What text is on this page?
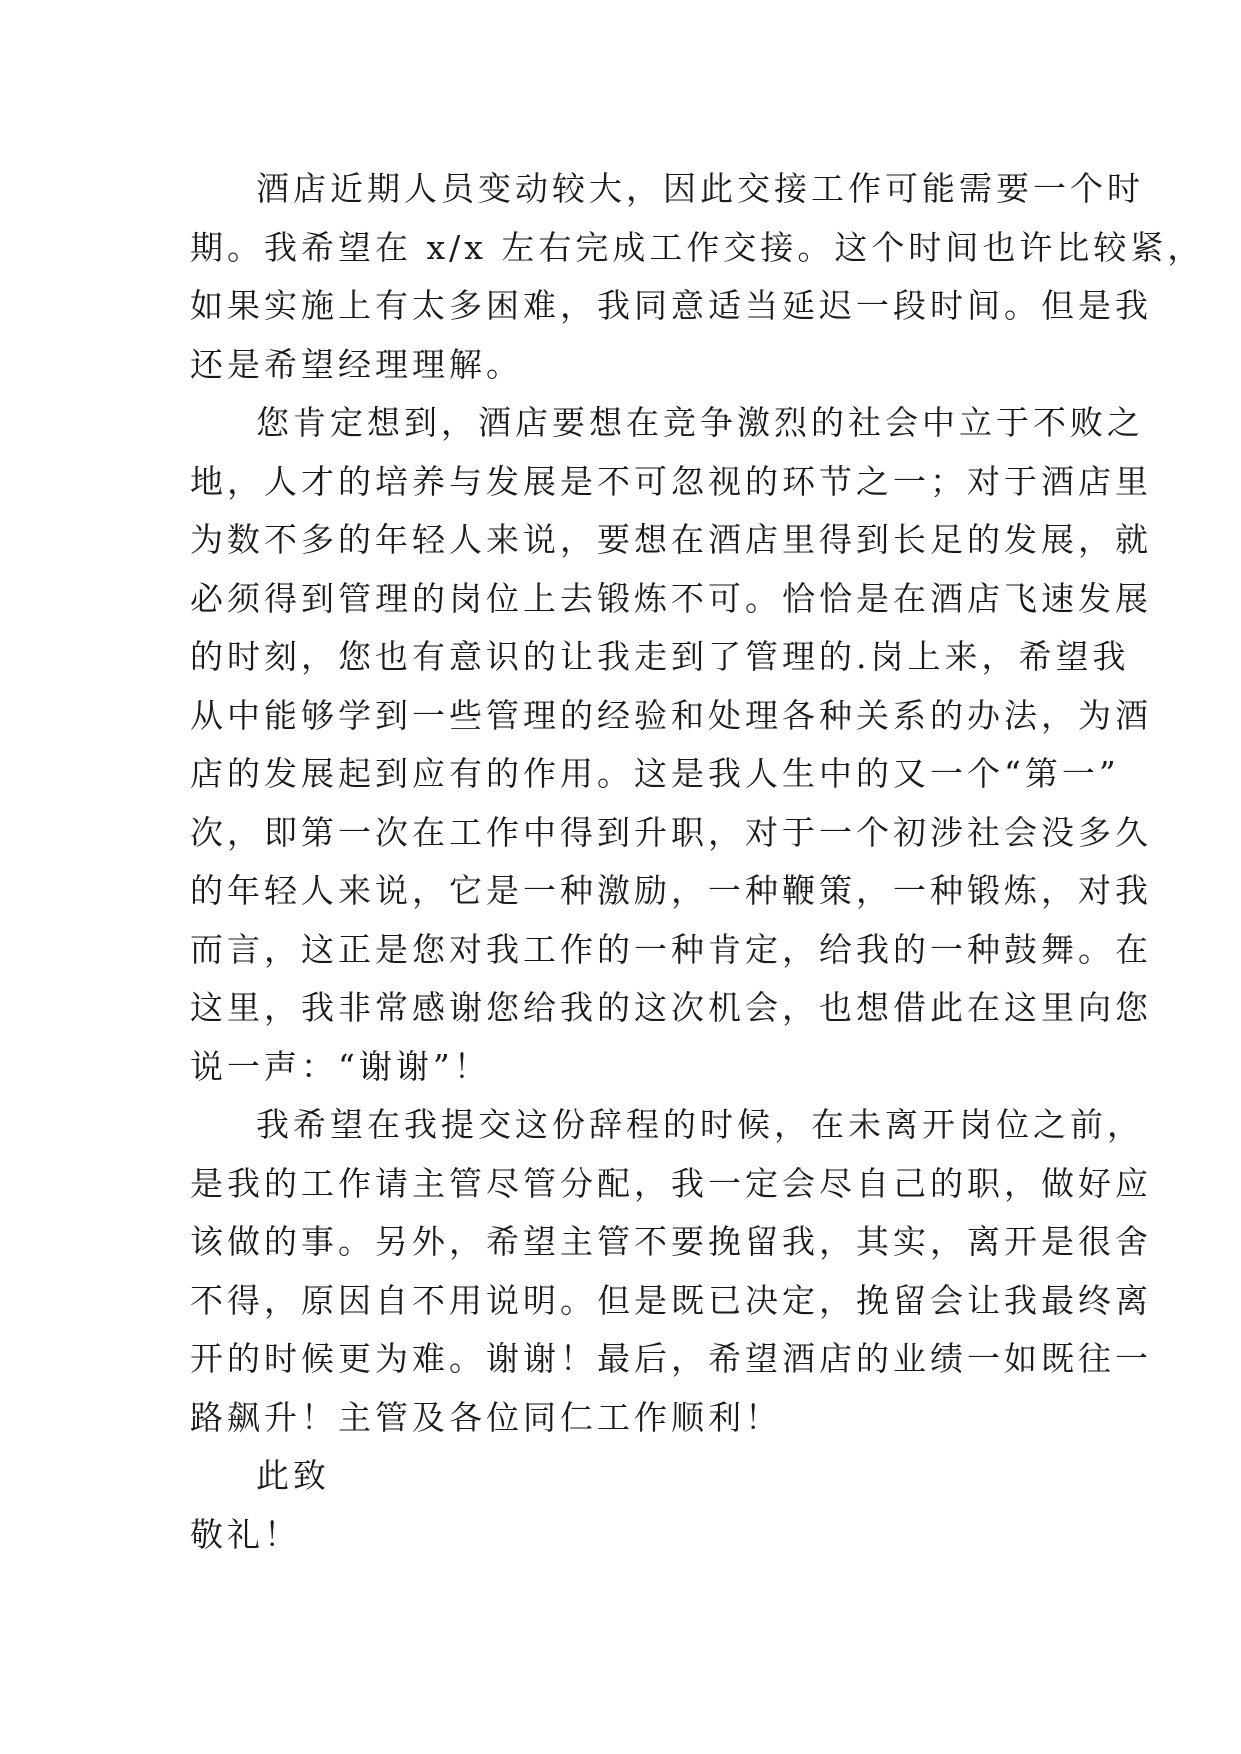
酒店近期人员变动较大，因此交接工作可能需要一个时
期。我希望在 x/x 左右完成工作交接。这个时间也许比较紧，
如果实施上有太多困难，我同意适当延迟一段时间。但是我
还是希望经理理解。
您肯定想到，酒店要想在竞争激烈的社会中立于不败之
地，人才的培养与发展是不可忽视的环节之一；对于酒店里
为数不多的年轻人来说，要想在酒店里得到长足的发展，就
必须得到管理的岗位上去锻炼不可。恰恰是在酒店飞速发展
的时刻，您也有意识的让我走到了管理的.岗上来，希望我
从中能够学到一些管理的经验和处理各种关系的办法，为酒
店的发展起到应有的作用。这是我人生中的又一个“第一”
次，即第一次在工作中得到升职，对于一个初涉社会没多久
的年轻人来说，它是一种激励，一种鞭策，一种锻炼，对我
而言，这正是您对我工作的一种肯定，给我的一种鼓舞。在
这里，我非常感谢您给我的这次机会，也想借此在这里向您
说一声：“谢谢”！
我希望在我提交这份辞程的时候，在未离开岗位之前，
是我的工作请主管尽管分配，我一定会尽自己的职，做好应
该做的事。另外，希望主管不要挽留我，其实，离开是很舍
不得，原因自不用说明。但是既已决定，挽留会让我最终离
开的时候更为难。谢谢！最后，希望酒店的业绩一如既往一
路飙升！主管及各位同仁工作顺利！
此致
敬礼！
